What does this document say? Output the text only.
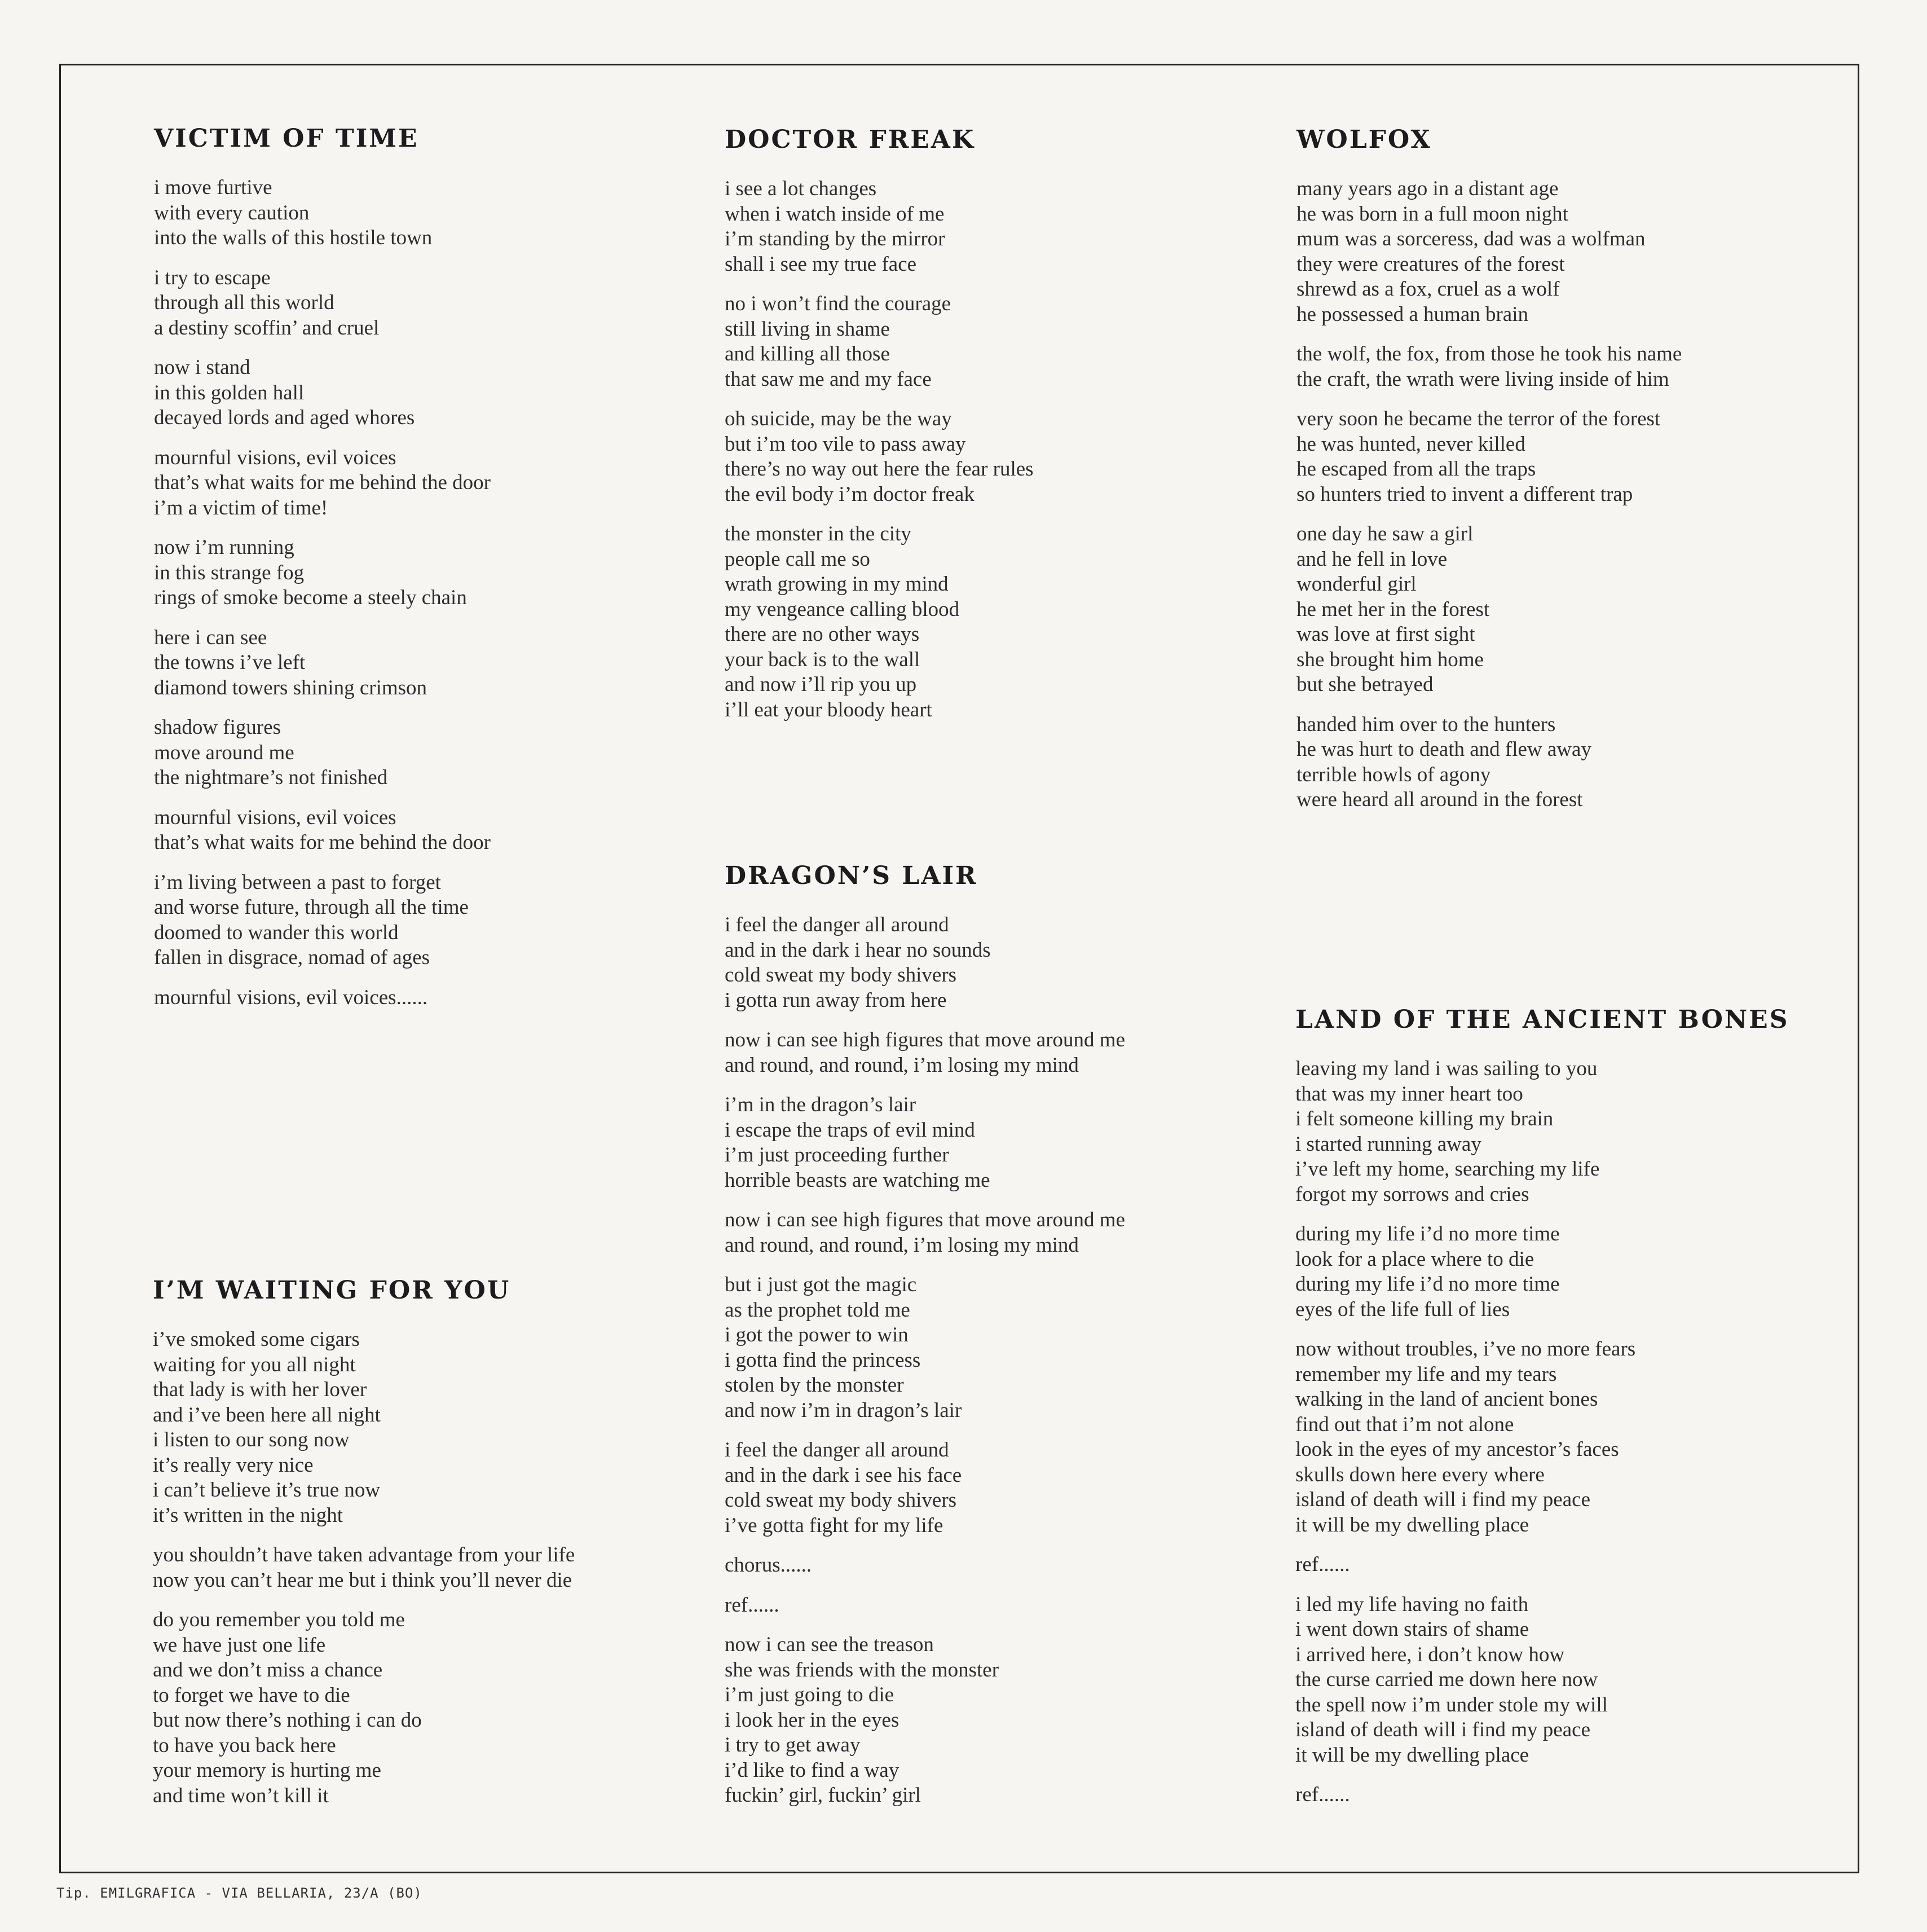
VICTIM OF TIME
i move furtive
with every caution
into the walls of this hostile town
i try to escape
through all this world
a destiny scoffin’ and cruel
now i stand
in this golden hall
decayed lords and aged whores
mournful visions, evil voices
that’s what waits for me behind the door
i’m a victim of time!
now i’m running
in this strange fog
rings of smoke become a steely chain
here i can see
the towns i’ve left
diamond towers shining crimson
shadow figures
move around me
the nightmare’s not finished
mournful visions, evil voices
that’s what waits for me behind the door
i’m living between a past to forget
and worse future, through all the time
doomed to wander this world
fallen in disgrace, nomad of ages
mournful visions, evil voices......
I’M WAITING FOR YOU
i’ve smoked some cigars
waiting for you all night
that lady is with her lover
and i’ve been here all night
i listen to our song now
it’s really very nice
i can’t believe it’s true now
it’s written in the night
you shouldn’t have taken advantage from your life
now you can’t hear me but i think you’ll never die
do you remember you told me
we have just one life
and we don’t miss a chance
to forget we have to die
but now there’s nothing i can do
to have you back here
your memory is hurting me
and time won’t kill it
DOCTOR FREAK
i see a lot changes
when i watch inside of me
i’m standing by the mirror
shall i see my true face
no i won’t find the courage
still living in shame
and killing all those
that saw me and my face
oh suicide, may be the way
but i’m too vile to pass away
there’s no way out here the fear rules
the evil body i’m doctor freak
the monster in the city
people call me so
wrath growing in my mind
my vengeance calling blood
there are no other ways
your back is to the wall
and now i’ll rip you up
i’ll eat your bloody heart
DRAGON’S LAIR
i feel the danger all around
and in the dark i hear no sounds
cold sweat my body shivers
i gotta run away from here
now i can see high figures that move around me
and round, and round, i’m losing my mind
i’m in the dragon’s lair
i escape the traps of evil mind
i’m just proceeding further
horrible beasts are watching me
now i can see high figures that move around me
and round, and round, i’m losing my mind
but i just got the magic
as the prophet told me
i got the power to win
i gotta find the princess
stolen by the monster
and now i’m in dragon’s lair
i feel the danger all around
and in the dark i see his face
cold sweat my body shivers
i’ve gotta fight for my life
chorus......
ref......
now i can see the treason
she was friends with the monster
i’m just going to die
i look her in the eyes
i try to get away
i’d like to find a way
fuckin’ girl, fuckin’ girl
WOLFOX
many years ago in a distant age
he was born in a full moon night
mum was a sorceress, dad was a wolfman
they were creatures of the forest
shrewd as a fox, cruel as a wolf
he possessed a human brain
the wolf, the fox, from those he took his name
the craft, the wrath were living inside of him
very soon he became the terror of the forest
he was hunted, never killed
he escaped from all the traps
so hunters tried to invent a different trap
one day he saw a girl
and he fell in love
wonderful girl
he met her in the forest
was love at first sight
she brought him home
but she betrayed
handed him over to the hunters
he was hurt to death and flew away
terrible howls of agony
were heard all around in the forest
LAND OF THE ANCIENT BONES
leaving my land i was sailing to you
that was my inner heart too
i felt someone killing my brain
i started running away
i’ve left my home, searching my life
forgot my sorrows and cries
during my life i’d no more time
look for a place where to die
during my life i’d no more time
eyes of the life full of lies
now without troubles, i’ve no more fears
remember my life and my tears
walking in the land of ancient bones
find out that i’m not alone
look in the eyes of my ancestor’s faces
skulls down here every where
island of death will i find my peace
it will be my dwelling place
ref......
i led my life having no faith
i went down stairs of shame
i arrived here, i don’t know how
the curse carried me down here now
the spell now i’m under stole my will
island of death will i find my peace
it will be my dwelling place
ref......
Tip. EMILGRAFICA - VIA BELLARIA, 23/A (BO)
